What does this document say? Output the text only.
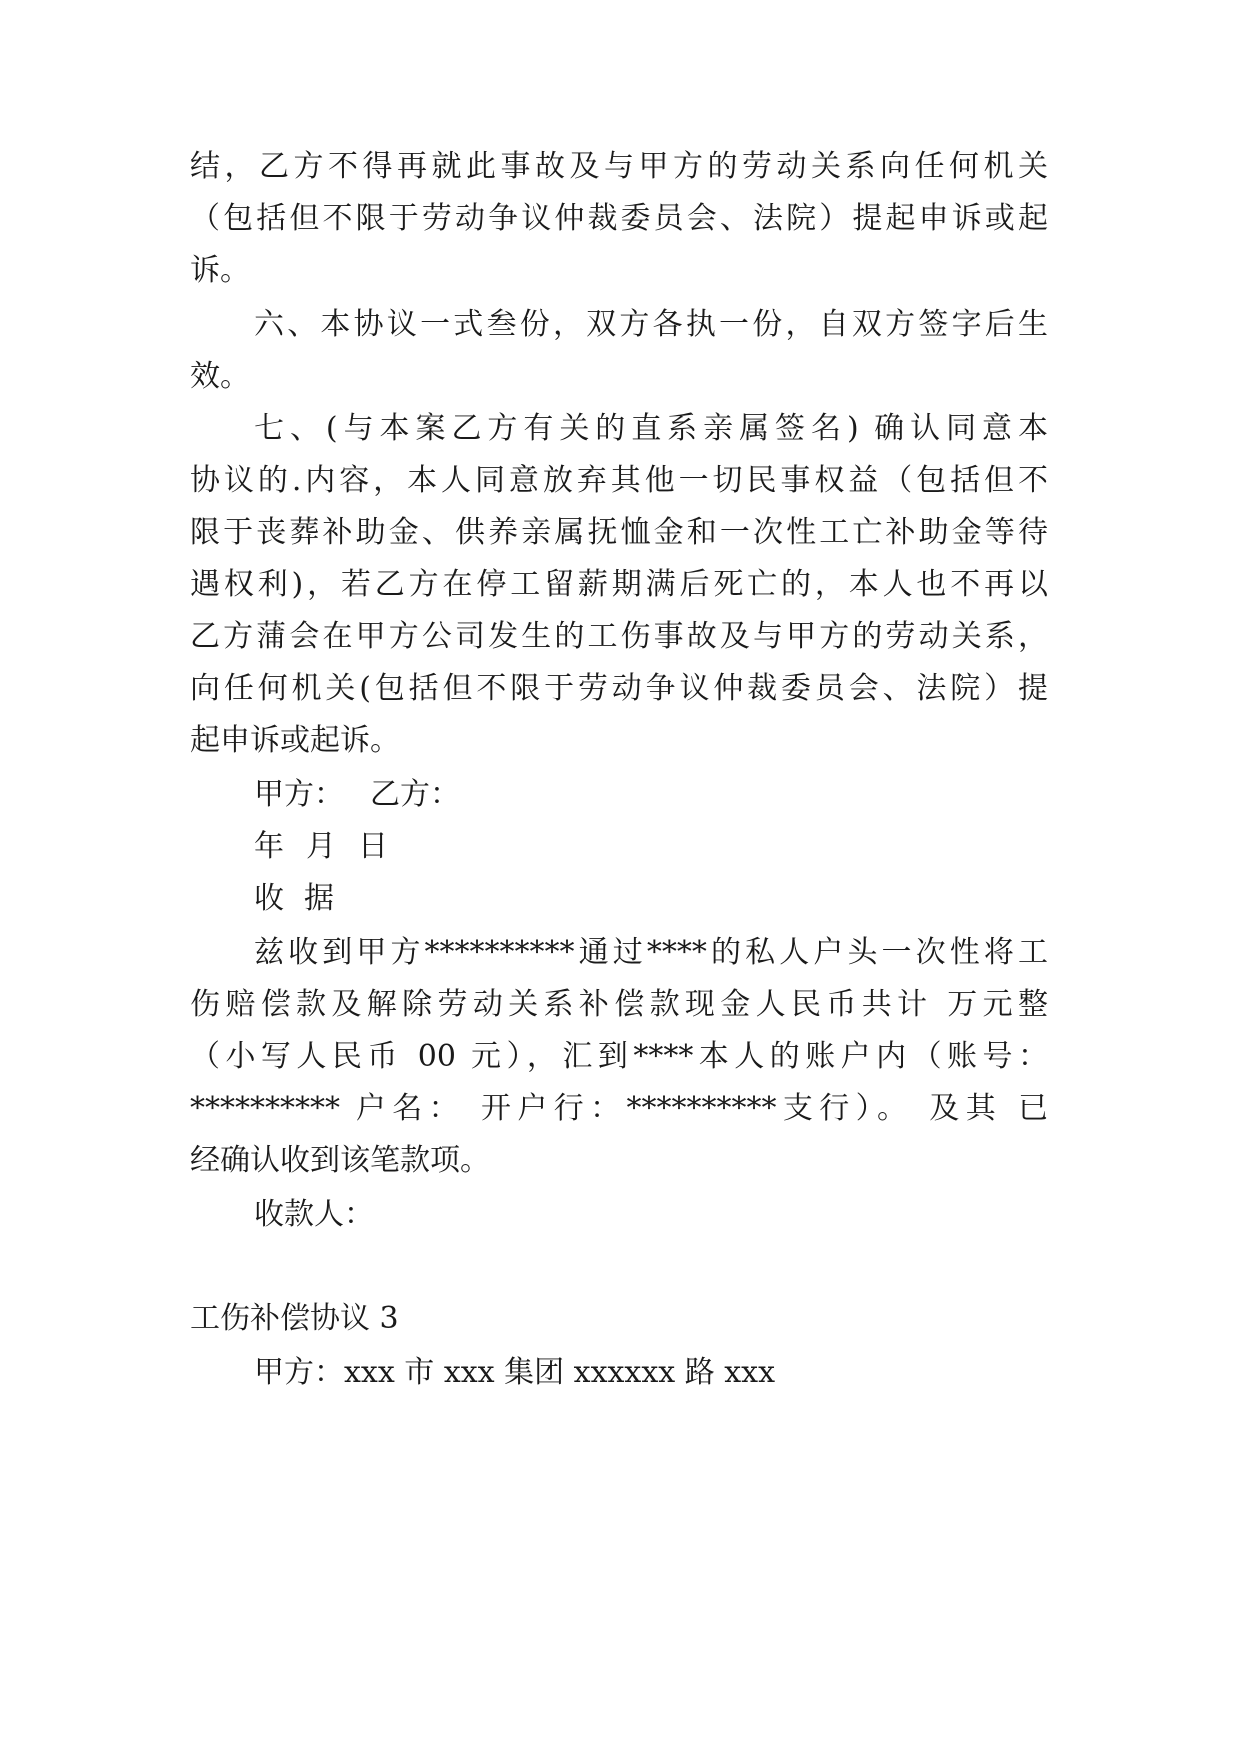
结，乙方不得再就此事故及与甲方的劳动关系向任何机关

（包括但不限于劳动争议仲裁委员会、法院）提起申诉或起

诉。

六、本协议一式叁份，双方各执一份，自双方签字后生

效。

七、(与本案乙方有关的直系亲属签名) 确认同意本

协议的.内容，本人同意放弃其他一切民事权益（包括但不

限于丧葬补助金、供养亲属抚恤金和一次性工亡补助金等待

遇权利)，若乙方在停工留薪期满后死亡的，本人也不再以

乙方蒲会在甲方公司发生的工伤事故及与甲方的劳动关系，

向任何机关(包括但不限于劳动争议仲裁委员会、法院）提

起申诉或起诉。

甲方： 乙方：

年 月 日

收 据

兹收到甲方**********通过****的私人户头一次性将工

伤赔偿款及解除劳动关系补偿款现金人民币共计 万元整

（小写人民币 00 元），汇到****本人的账户内（账号：

********** 户名： 开户行：**********支行）。 及其 已

经确认收到该笔款项。

收款人：

工伤补偿协议 3

甲方：xxx 市 xxx 集团 xxxxxx 路 xxx
